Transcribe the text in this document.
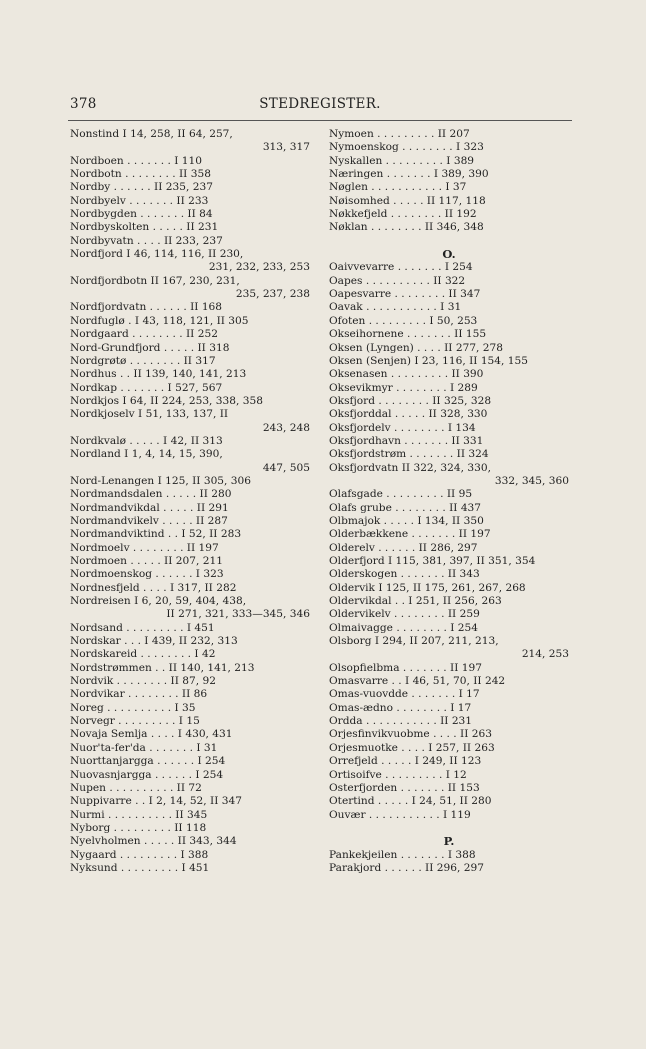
378	STEDREGISTER.
Nonstind I 14, 258, II 64, 257,
313, 317
Nordboen . . . . . . . I 110
Nordbotn . . . . . . . . II 358
Nordby . . . . . . II 235, 237
Nordbyelv . . . . . . . II 233
Nordbygden . . . . . . . II 84
Nordbyskolten . . . . . II 231
Nordbyvatn . . . . II 233, 237
Nordfjord I 46, 114, 116, II 230,
231, 232, 233, 253
Nordfjordbotn II 167, 230, 231,
235, 237, 238
Nordfjordvatn . . . . . . II 168
Nordfuglø . I 43, 118, 121, II 305
Nordgaard . . . . . . . . II 252
Nord-Grundfjord . . . . . II 318
Nordgrøtø . . . . . . . . II 317
Nordhus . . II 139, 140, 141, 213
Nordkap . . . . . . . I 527, 567
Nordkjos I 64, II 224, 253, 338, 358
Nordkjoselv I 51, 133, 137, II
243, 248
Nordkvalø . . . . . I 42, II 313
Nordland I 1, 4, 14, 15, 390,
447, 505
Nord-Lenangen I 125, II 305, 306
Nordmandsdalen . . . . . II 280
Nordmandvikdal . . . . . II 291
Nordmandvikelv . . . . . II 287
Nordmandviktind . . I 52, II 283
Nordmoelv . . . . . . . . II 197
Nordmoen . . . . . II 207, 211
Nordmoenskog . . . . . . I 323
Nordnesfjeld . . . . I 317, II 282
Nordreisen I 6, 20, 59, 404, 438,
II 271, 321, 333—345, 346
Nordsand . . . . . . . . . I 451
Nordskar . . . I 439, II 232, 313
Nordskareid . . . . . . . . I 42
Nordstrømmen . . II 140, 141, 213
Nordvik . . . . . . . . II 87, 92
Nordvikar . . . . . . . . II 86
Noreg . . . . . . . . . . I 35
Norvegr . . . . . . . . . I 15
Novaja Semlja . . . . I 430, 431
Nuor'ta-fer'da . . . . . . . I 31
Nuorttanjargga . . . . . . I 254
Nuovasnjargga . . . . . . I 254
Nupen . . . . . . . . . . II 72
Nuppivarre . . I 2, 14, 52, II 347
Nurmi . . . . . . . . . . II 345
Nyborg . . . . . . . . . II 118
Nyelvholmen . . . . . II 343, 344
Nygaard . . . . . . . . . I 388
Nyksund . . . . . . . . . I 451
Nymoen . . . . . . . . . II 207
Nymoenskog . . . . . . . . I 323
Nyskallen . . . . . . . . . I 389
Næringen . . . . . . . I 389, 390
Nøglen . . . . . . . . . . . I 37
Nøisomhed . . . . . II 117, 118
Nøkkefjeld . . . . . . . . II 192
Nøklan . . . . . . . . II 346, 348
O.
Oaivvevarre . . . . . . . I 254
Oapes . . . . . . . . . . II 322
Oapesvarre . . . . . . . . II 347
Oavak . . . . . . . . . . . I 31
Ofoten . . . . . . . . . I 50, 253
Okseihornene . . . . . . . II 155
Oksen (Lyngen) . . . . II 277, 278
Oksen (Senjen) I 23, 116, II 154, 155
Oksenasen . . . . . . . . . II 390
Oksevikmyr . . . . . . . . I 289
Oksfjord . . . . . . . . II 325, 328
Oksfjorddal . . . . . II 328, 330
Oksfjordelv . . . . . . . . I 134
Oksfjordhavn . . . . . . . II 331
Oksfjordstrøm . . . . . . . II 324
Oksfjordvatn II 322, 324, 330,
332, 345, 360
Olafsgade . . . . . . . . . II 95
Olafs grube . . . . . . . . II 437
Olbmajok . . . . . I 134, II 350
Olderbækkene . . . . . . . II 197
Olderelv . . . . . . II 286, 297
Olderfjord I 115, 381, 397, II 351, 354
Olderskogen . . . . . . . II 343
Oldervik I 125, II 175, 261, 267, 268
Oldervikdal . . I 251, II 256, 263
Oldervikelv . . . . . . . . II 259
Olmaivagge . . . . . . . . I 254
Olsborg I 294, II 207, 211, 213,
214, 253
Olsopfielbma . . . . . . . II 197
Omasvarre . . I 46, 51, 70, II 242
Omas-vuovdde . . . . . . . I 17
Omas-ædno . . . . . . . . I 17
Ordda . . . . . . . . . . . II 231
Orjesfinvikvuobme . . . . II 263
Orjesmuotke . . . . I 257, II 263
Orrefjeld . . . . . I 249, II 123
Ortisoifve . . . . . . . . . I 12
Osterfjorden . . . . . . . II 153
Otertind . . . . . I 24, 51, II 280
Ouvær . . . . . . . . . . . I 119
P.
Pankekjeilen . . . . . . . I 388
Parakjord . . . . . . II 296, 297
